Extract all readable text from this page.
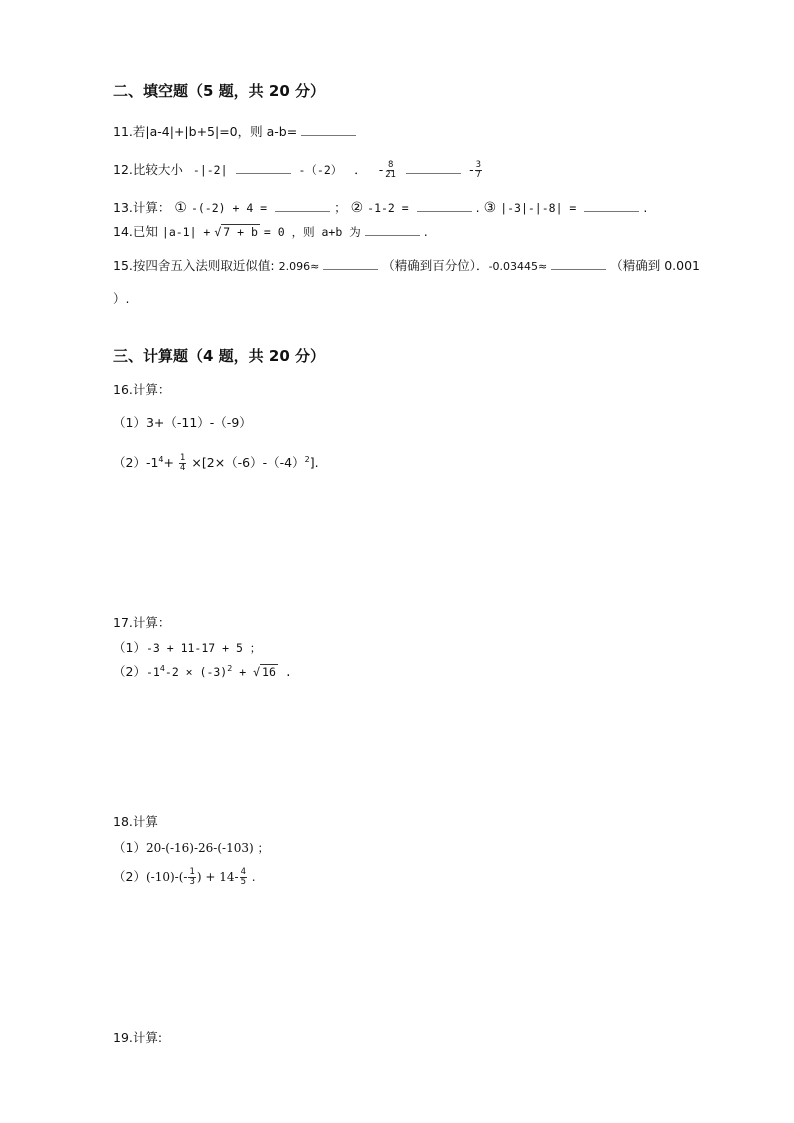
二、填空题（5 题，共 20 分）
11.若|a-4|+|b+5|=0，则 a-b=
12.比较大小 -|-2|	-（-2） ． - $\frac{8}{21}$	- $\frac{3}{7}$
13.计算： ① -(-2) + 4 =	； ② -1-2 =	. ③ |-3|-|-8| =	.
14.已知 |a-1| + √ 7 + b = 0 ，则 a+b 为	.
15.按四舍五入法则取近似值: 2.096≈	（精确到百分位）．-0.03445≈	（精确到 0.001
）.
三、计算题（4 题，共 20 分）
16.计算：
（1）3+（-11）-（-9）
$(2)-1^4+ \frac{1}{4} \times[2\times(-6)-(-4)^2]$.
17.计算：
（1）-3 + 11-17 + 5 ；
$(2)-1^4-2 \times (-3)^2$ + √ 16 .
18.计算
（1）20-(-16)-26-(-103) ；
$(2)(-10)-(- \frac{1}{3}$ ) + $14- \frac{4}{5}$ .
19.计算:
